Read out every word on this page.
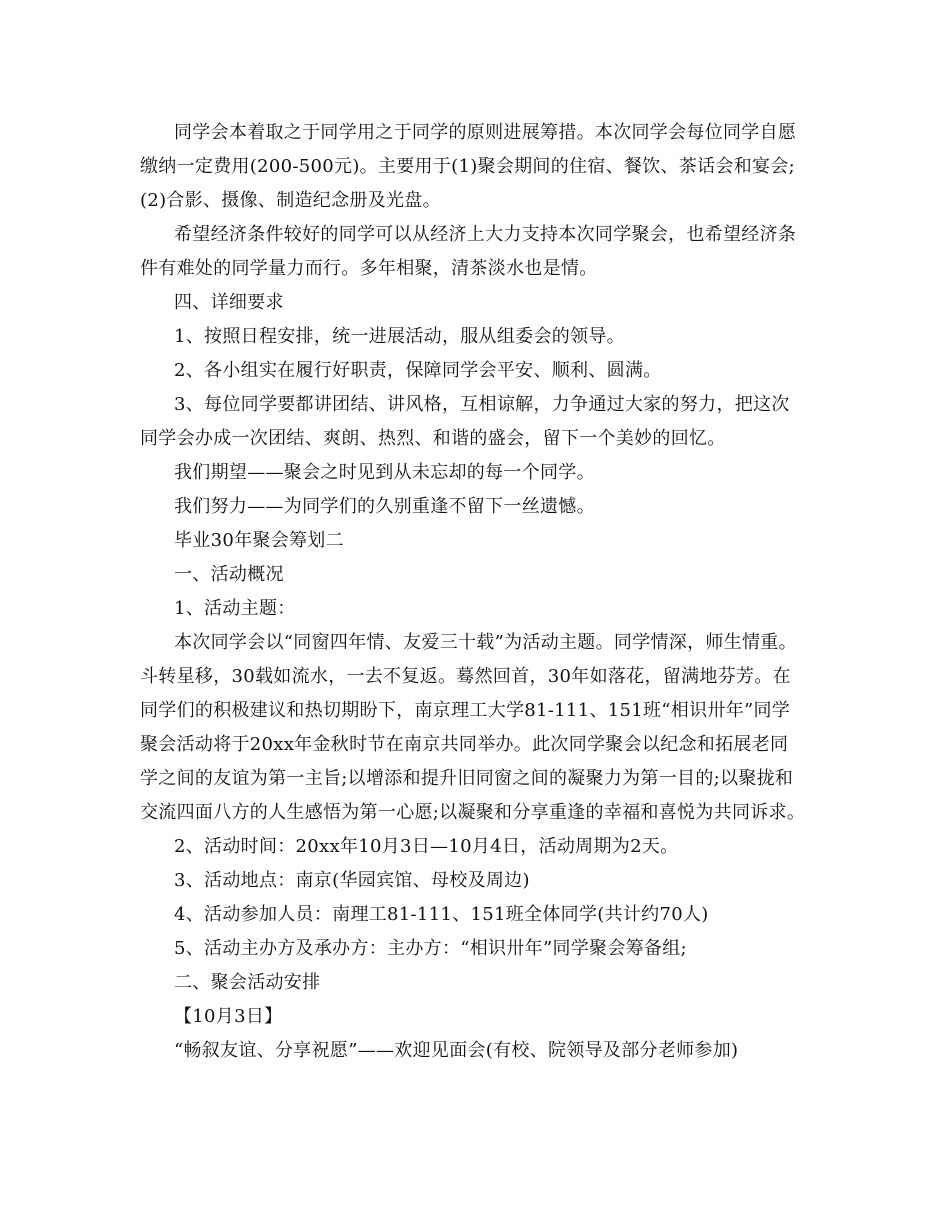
同学会本着取之于同学用之于同学的原则进展筹措。本次同学会每位同学自愿
缴纳一定费用(200-500元)。主要用于(1)聚会期间的住宿、餐饮、茶话会和宴会;
(2)合影、摄像、制造纪念册及光盘。
希望经济条件较好的同学可以从经济上大力支持本次同学聚会，也希望经济条
件有难处的同学量力而行。多年相聚，清茶淡水也是情。
四、详细要求
1、按照日程安排，统一进展活动，服从组委会的领导。
2、各小组实在履行好职责，保障同学会平安、顺利、圆满。
3、每位同学要都讲团结、讲风格，互相谅解，力争通过大家的努力，把这次
同学会办成一次团结、爽朗、热烈、和谐的盛会，留下一个美妙的回忆。
我们期望——聚会之时见到从未忘却的每一个同学。
我们努力——为同学们的久别重逢不留下一丝遗憾。
毕业30年聚会筹划二
一、活动概况
1、活动主题：
本次同学会以“同窗四年情、友爱三十载”为活动主题。同学情深，师生情重。
斗转星移，30载如流水，一去不复返。蓦然回首，30年如落花，留满地芬芳。在
同学们的积极建议和热切期盼下，南京理工大学81-111、151班“相识卅年”同学
聚会活动将于20xx年金秋时节在南京共同举办。此次同学聚会以纪念和拓展老同
学之间的友谊为第一主旨;以增添和提升旧同窗之间的凝聚力为第一目的;以聚拢和
交流四面八方的人生感悟为第一心愿;以凝聚和分享重逢的幸福和喜悦为共同诉求。
2、活动时间：20xx年10月3日—10月4日，活动周期为2天。
3、活动地点：南京(华园宾馆、母校及周边)
4、活动参加人员：南理工81-111、151班全体同学(共计约70人)
5、活动主办方及承办方：主办方：“相识卅年”同学聚会筹备组;
二、聚会活动安排
【10月3日】
“畅叙友谊、分享祝愿”——欢迎见面会(有校、院领导及部分老师参加)
